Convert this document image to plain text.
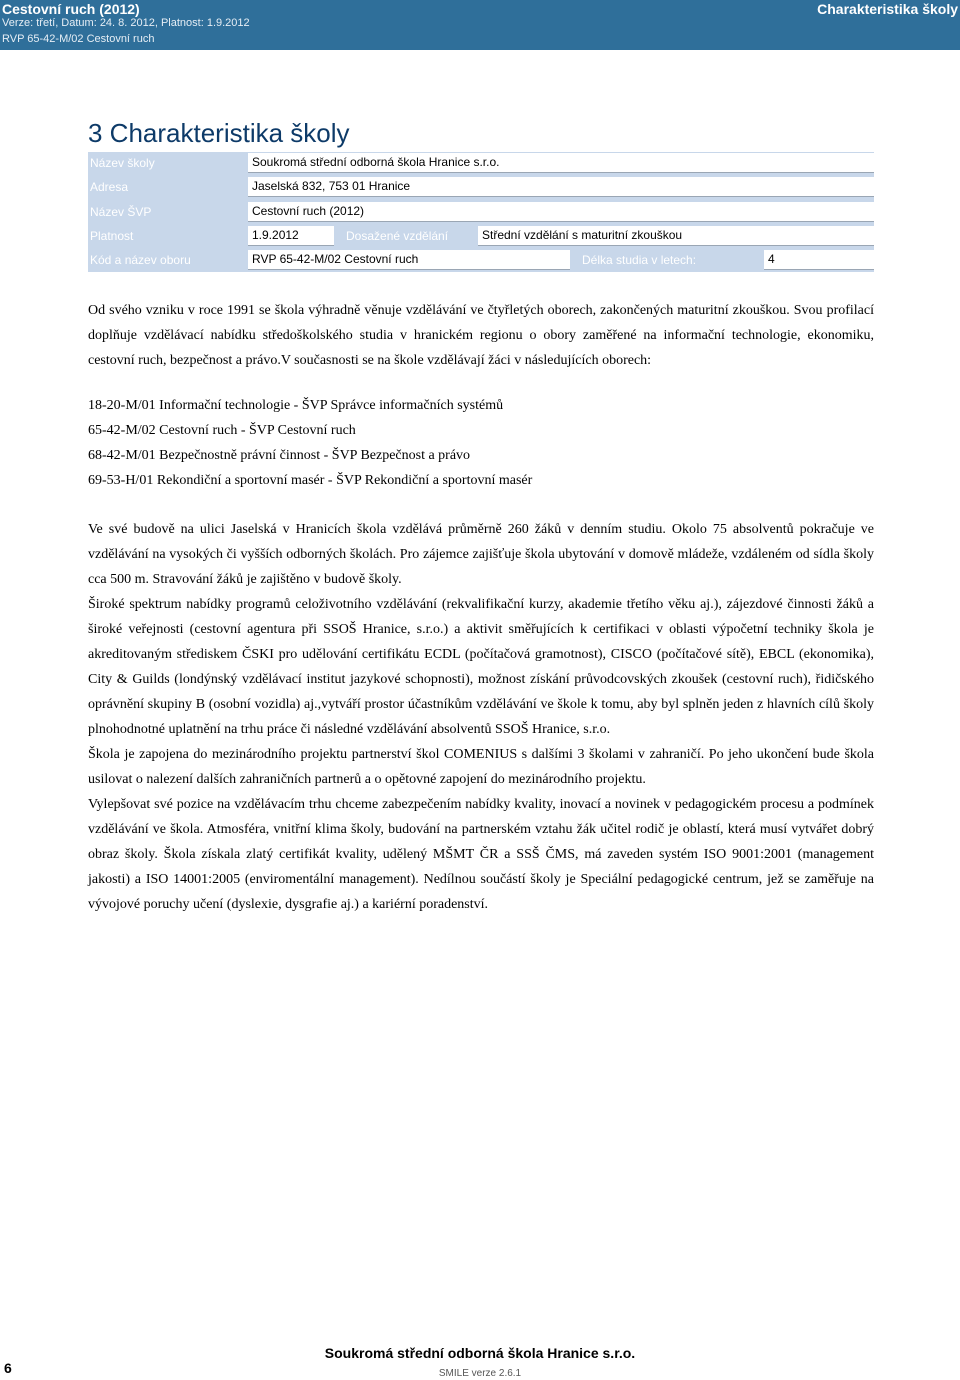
Cestovní ruch (2012)
Verze: třetí, Datum: 24. 8. 2012, Platnost: 1.9.2012
RVP 65-42-M/02 Cestovní ruch
Charakteristika školy
3 Charakteristika školy
Název školy	Soukromá střední odborná škola Hranice s.r.o.
Adresa	Jaselská 832, 753 01 Hranice
Název ŠVP	Cestovní ruch (2012)
Platnost	1.9.2012	Dosažené vzdělání	Střední vzdělání s maturitní zkouškou
Kód a název oboru	RVP 65-42-M/02 Cestovní ruch	Délka studia v letech:	4

Od svého vzniku v roce 1991 se škola výhradně věnuje vzdělávání ve čtyřletých oborech, zakončených maturitní zkouškou. Svou profilací doplňuje vzdělávací nabídku středoškolského studia v hranickém regionu o obory zaměřené na informační technologie, ekonomiku, cestovní ruch, bezpečnost a právo.V současnosti se na škole vzdělávají žáci v následujících oborech:

18-20-M/01 Informační technologie - ŠVP Správce informačních systémů
65-42-M/02 Cestovní ruch - ŠVP Cestovní ruch
68-42-M/01 Bezpečnostně právní činnost - ŠVP Bezpečnost a právo
69-53-H/01 Rekondiční a sportovní masér - ŠVP Rekondiční a sportovní masér

Ve své budově na ulici Jaselská v Hranicích škola vzdělává průměrně 260 žáků v denním studiu. Okolo 75 absolventů pokračuje ve vzdělávání na vysokých či vyšších odborných školách. Pro zájemce zajišťuje škola ubytování v domově mládeže, vzdáleném od sídla školy cca 500 m. Stravování žáků je zajištěno v budově školy.

Široké spektrum nabídky programů celoživotního vzdělávání (rekvalifikační kurzy, akademie třetího věku aj.), zájezdové činnosti žáků a široké veřejnosti (cestovní agentura při SSOŠ Hranice, s.r.o.) a aktivit směřujících k certifikaci v oblasti výpočetní techniky škola je akreditovaným střediskem ČSKI pro udělování certifikátu ECDL (počítačová gramotnost), CISCO (počítačové sítě), EBCL (ekonomika), City & Guilds (londýnský vzdělávací institut jazykové schopnosti), možnost získání průvodcovských zkoušek (cestovní ruch), řidičského oprávnění skupiny B (osobní vozidla) aj.,vytváří prostor účastníkům vzdělávání ve škole k tomu, aby byl splněn jeden z hlavních cílů školy plnohodnotné uplatnění na trhu práce či následné vzdělávání absolventů SSOŠ Hranice, s.r.o.

Škola je zapojena do mezinárodního projektu partnerství škol COMENIUS s dalšími 3 školami v zahraničí. Po jeho ukončení bude škola usilovat o nalezení dalších zahraničních partnerů a o opětovné zapojení do mezinárodního projektu.

Vylepšovat své pozice na vzdělávacím trhu chceme zabezpečením nabídky kvality, inovací a novinek v pedagogickém procesu a podmínek vzdělávání ve škola. Atmosféra, vnitřní klima školy, budování na partnerském vztahu žák učitel rodič je oblastí, která musí vytvářet dobrý obraz školy. Škola získala zlatý certifikát kvality, udělený MŠMT ČR a SSŠ ČMS, má zaveden systém ISO 9001:2001 (management jakosti) a ISO 14001:2005 (enviromentální management). Nedílnou součástí školy je Speciální pedagogické centrum, jež se zaměřuje na vývojové poruchy učení (dyslexie, dysgrafie aj.) a kariérní poradenství.

Soukromá střední odborná škola Hranice s.r.o.
SMILE verze 2.6.1
6
